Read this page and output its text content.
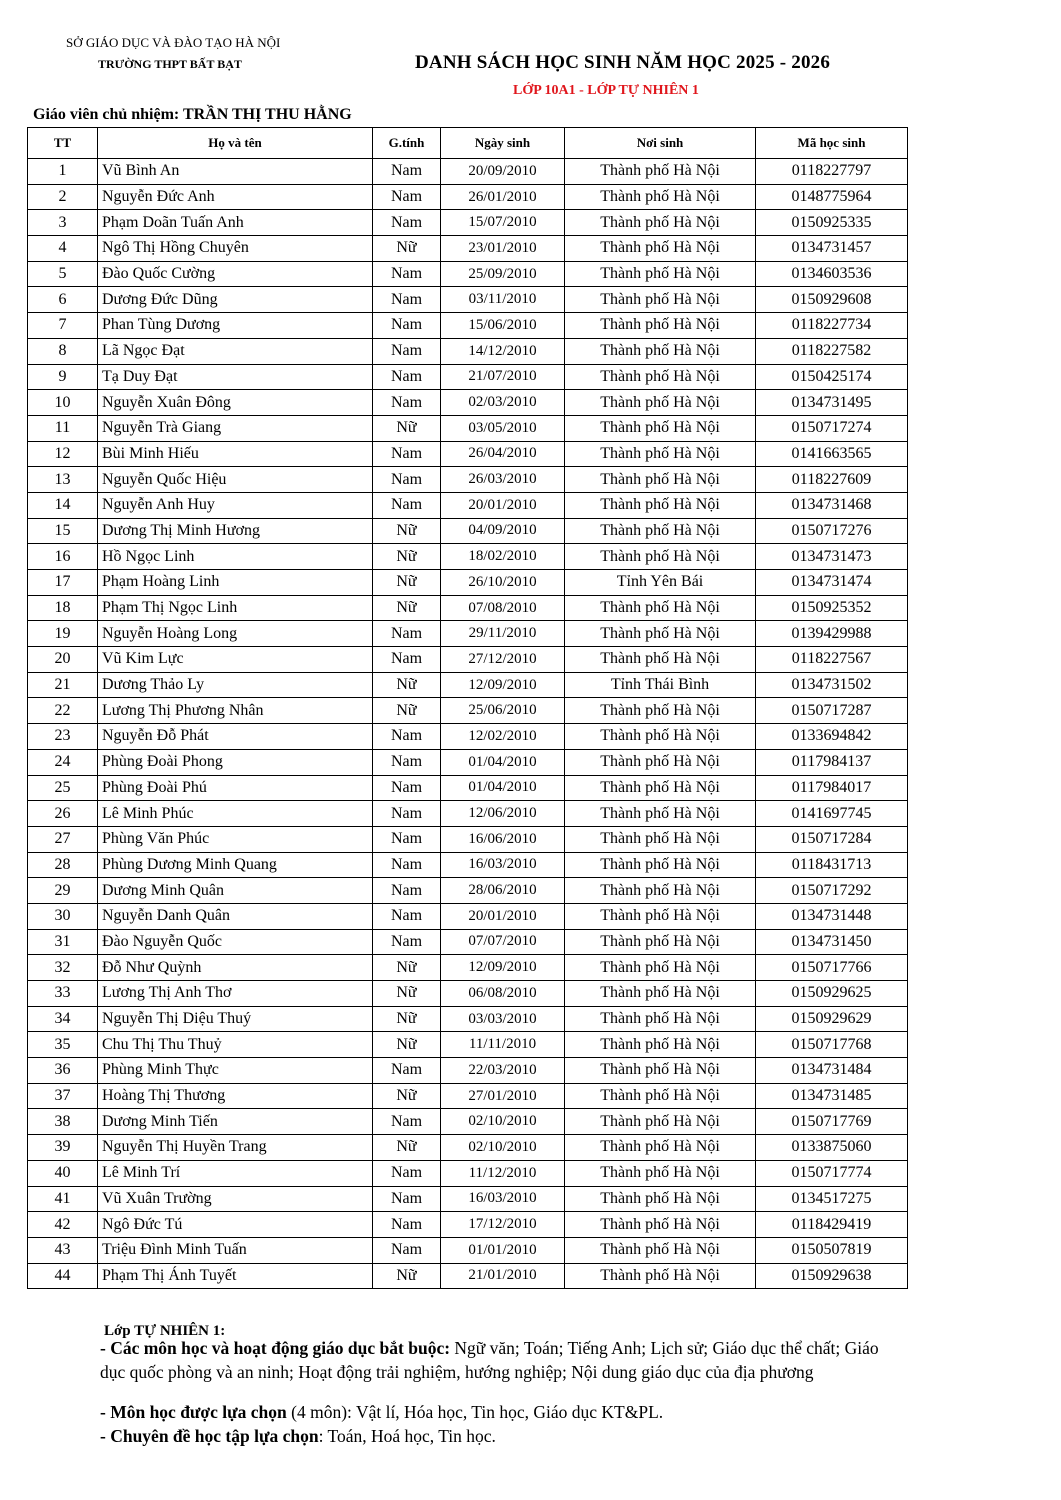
SỞ GIÁO DỤC VÀ ĐÀO TẠO HÀ NỘI
TRƯỜNG THPT BẤT BẠT	DANH SÁCH HỌC SINH NĂM HỌC 2025 - 2026
LỚP 10A1 - LỚP TỰ NHIÊN 1
Giáo viên chủ nhiệm: TRẦN THỊ THU HẰNG
TT	Họ và tên	G.tính	Ngày sinh	Nơi sinh	Mã học sinh
1	Vũ Bình An	Nam	20/09/2010	Thành phố Hà Nội	0118227797
2	Nguyễn Đức Anh	Nam	26/01/2010	Thành phố Hà Nội	0148775964
3	Phạm Doãn Tuấn Anh	Nam	15/07/2010	Thành phố Hà Nội	0150925335
4	Ngô Thị Hồng Chuyên	Nữ	23/01/2010	Thành phố Hà Nội	0134731457
5	Đào Quốc Cường	Nam	25/09/2010	Thành phố Hà Nội	0134603536
6	Dương Đức Dũng	Nam	03/11/2010	Thành phố Hà Nội	0150929608
7	Phan Tùng Dương	Nam	15/06/2010	Thành phố Hà Nội	0118227734
8	Lã Ngọc Đạt	Nam	14/12/2010	Thành phố Hà Nội	0118227582
9	Tạ Duy Đạt	Nam	21/07/2010	Thành phố Hà Nội	0150425174
10	Nguyễn Xuân Đông	Nam	02/03/2010	Thành phố Hà Nội	0134731495
11	Nguyễn Trà Giang	Nữ	03/05/2010	Thành phố Hà Nội	0150717274
12	Bùi Minh Hiếu	Nam	26/04/2010	Thành phố Hà Nội	0141663565
13	Nguyễn Quốc Hiệu	Nam	26/03/2010	Thành phố Hà Nội	0118227609
14	Nguyễn Anh Huy	Nam	20/01/2010	Thành phố Hà Nội	0134731468
15	Dương Thị Minh Hương	Nữ	04/09/2010	Thành phố Hà Nội	0150717276
16	Hồ Ngọc Linh	Nữ	18/02/2010	Thành phố Hà Nội	0134731473
17	Phạm Hoàng Linh	Nữ	26/10/2010	Tỉnh Yên Bái	0134731474
18	Phạm Thị Ngọc Linh	Nữ	07/08/2010	Thành phố Hà Nội	0150925352
19	Nguyễn Hoàng Long	Nam	29/11/2010	Thành phố Hà Nội	0139429988
20	Vũ Kim Lực	Nam	27/12/2010	Thành phố Hà Nội	0118227567
21	Dương Thảo Ly	Nữ	12/09/2010	Tỉnh Thái Bình	0134731502
22	Lương Thị Phương Nhân	Nữ	25/06/2010	Thành phố Hà Nội	0150717287
23	Nguyễn Đỗ Phát	Nam	12/02/2010	Thành phố Hà Nội	0133694842
24	Phùng Đoài Phong	Nam	01/04/2010	Thành phố Hà Nội	0117984137
25	Phùng Đoài Phú	Nam	01/04/2010	Thành phố Hà Nội	0117984017
26	Lê Minh Phúc	Nam	12/06/2010	Thành phố Hà Nội	0141697745
27	Phùng Văn Phúc	Nam	16/06/2010	Thành phố Hà Nội	0150717284
28	Phùng Dương Minh Quang	Nam	16/03/2010	Thành phố Hà Nội	0118431713
29	Dương Minh Quân	Nam	28/06/2010	Thành phố Hà Nội	0150717292
30	Nguyễn Danh Quân	Nam	20/01/2010	Thành phố Hà Nội	0134731448
31	Đào Nguyễn Quốc	Nam	07/07/2010	Thành phố Hà Nội	0134731450
32	Đỗ Như Quỳnh	Nữ	12/09/2010	Thành phố Hà Nội	0150717766
33	Lương Thị Anh Thơ	Nữ	06/08/2010	Thành phố Hà Nội	0150929625
34	Nguyễn Thị Diệu Thuý	Nữ	03/03/2010	Thành phố Hà Nội	0150929629
35	Chu Thị Thu Thuỷ	Nữ	11/11/2010	Thành phố Hà Nội	0150717768
36	Phùng Minh Thực	Nam	22/03/2010	Thành phố Hà Nội	0134731484
37	Hoàng Thị Thương	Nữ	27/01/2010	Thành phố Hà Nội	0134731485
38	Dương Minh Tiến	Nam	02/10/2010	Thành phố Hà Nội	0150717769
39	Nguyễn Thị Huyền Trang	Nữ	02/10/2010	Thành phố Hà Nội	0133875060
40	Lê Minh Trí	Nam	11/12/2010	Thành phố Hà Nội	0150717774
41	Vũ Xuân Trường	Nam	16/03/2010	Thành phố Hà Nội	0134517275
42	Ngô Đức Tú	Nam	17/12/2010	Thành phố Hà Nội	0118429419
43	Triệu Đình Minh Tuấn	Nam	01/01/2010	Thành phố Hà Nội	0150507819
44	Phạm Thị Ánh Tuyết	Nữ	21/01/2010	Thành phố Hà Nội	0150929638
Lớp TỰ NHIÊN 1:
- Các môn học và hoạt động giáo dục bắt buộc: Ngữ văn; Toán; Tiếng Anh; Lịch sử; Giáo dục thể chất; Giáo dục quốc phòng và an ninh; Hoạt động trải nghiệm, hướng nghiệp; Nội dung giáo dục của địa phương
- Môn học được lựa chọn (4 môn): Vật lí, Hóa học, Tin học, Giáo dục KT&PL.
- Chuyên đề học tập lựa chọn: Toán, Hoá học, Tin học.
